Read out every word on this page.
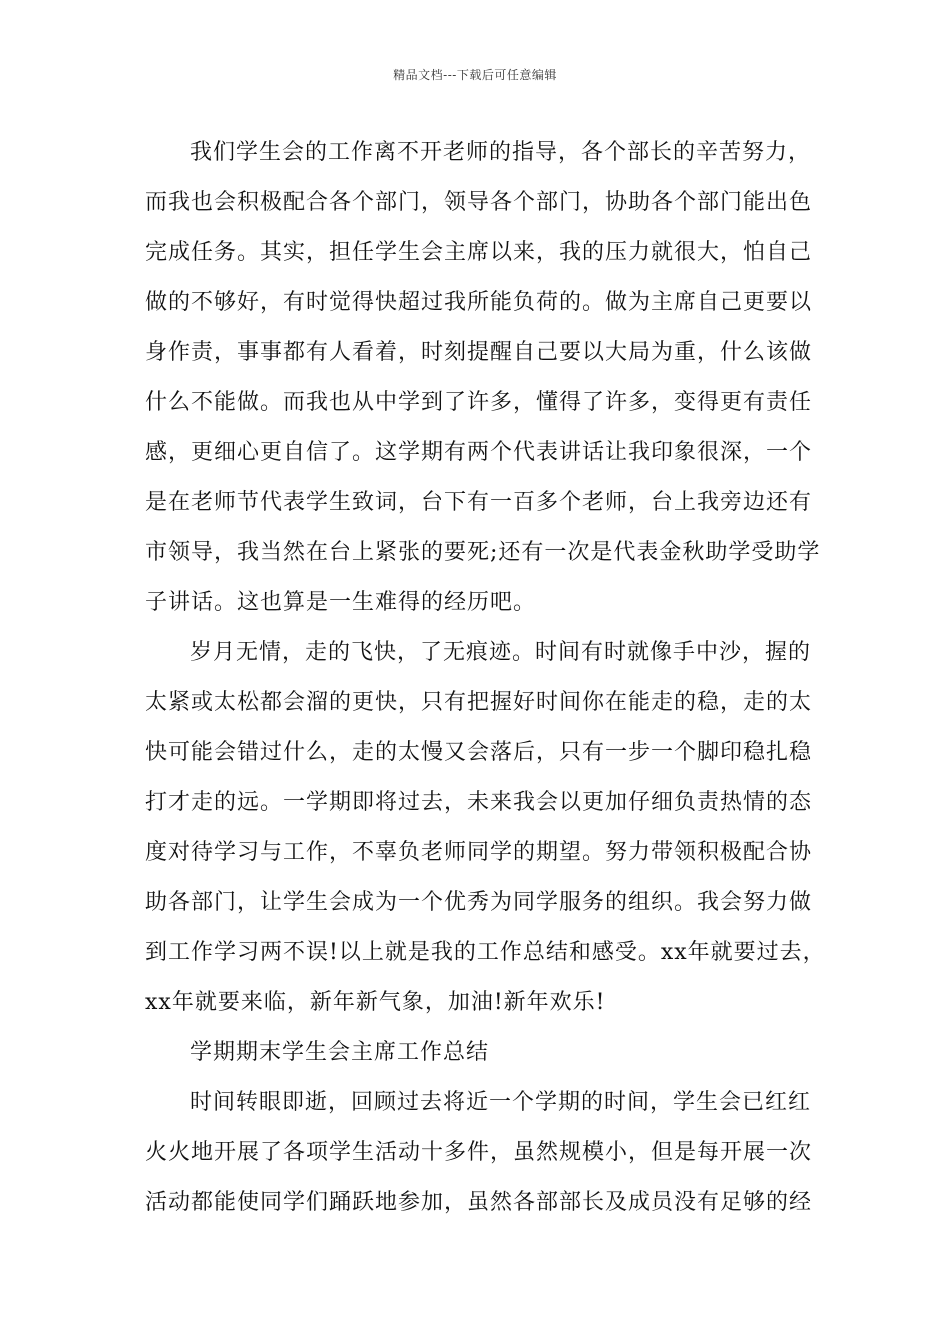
精品文档---下载后可任意编辑
我们学生会的工作离不开老师的指导，各个部长的辛苦努力，
而我也会积极配合各个部门，领导各个部门，协助各个部门能出色
完成任务。其实，担任学生会主席以来，我的压力就很大，怕自己
做的不够好，有时觉得快超过我所能负荷的。做为主席自己更要以
身作责，事事都有人看着，时刻提醒自己要以大局为重，什么该做
什么不能做。而我也从中学到了许多，懂得了许多，变得更有责任
感，更细心更自信了。这学期有两个代表讲话让我印象很深，一个
是在老师节代表学生致词，台下有一百多个老师，台上我旁边还有
市领导，我当然在台上紧张的要死;还有一次是代表金秋助学受助学
子讲话。这也算是一生难得的经历吧。
岁月无情，走的飞快，了无痕迹。时间有时就像手中沙，握的
太紧或太松都会溜的更快，只有把握好时间你在能走的稳，走的太
快可能会错过什么，走的太慢又会落后，只有一步一个脚印稳扎稳
打才走的远。一学期即将过去，未来我会以更加仔细负责热情的态
度对待学习与工作，不辜负老师同学的期望。努力带领积极配合协
助各部门，让学生会成为一个优秀为同学服务的组织。我会努力做
到工作学习两不误!以上就是我的工作总结和感受。xx年就要过去，
xx年就要来临，新年新气象，加油!新年欢乐!
学期期末学生会主席工作总结
时间转眼即逝，回顾过去将近一个学期的时间，学生会已红红
火火地开展了各项学生活动十多件，虽然规模小，但是每开展一次
活动都能使同学们踊跃地参加，虽然各部部长及成员没有足够的经
